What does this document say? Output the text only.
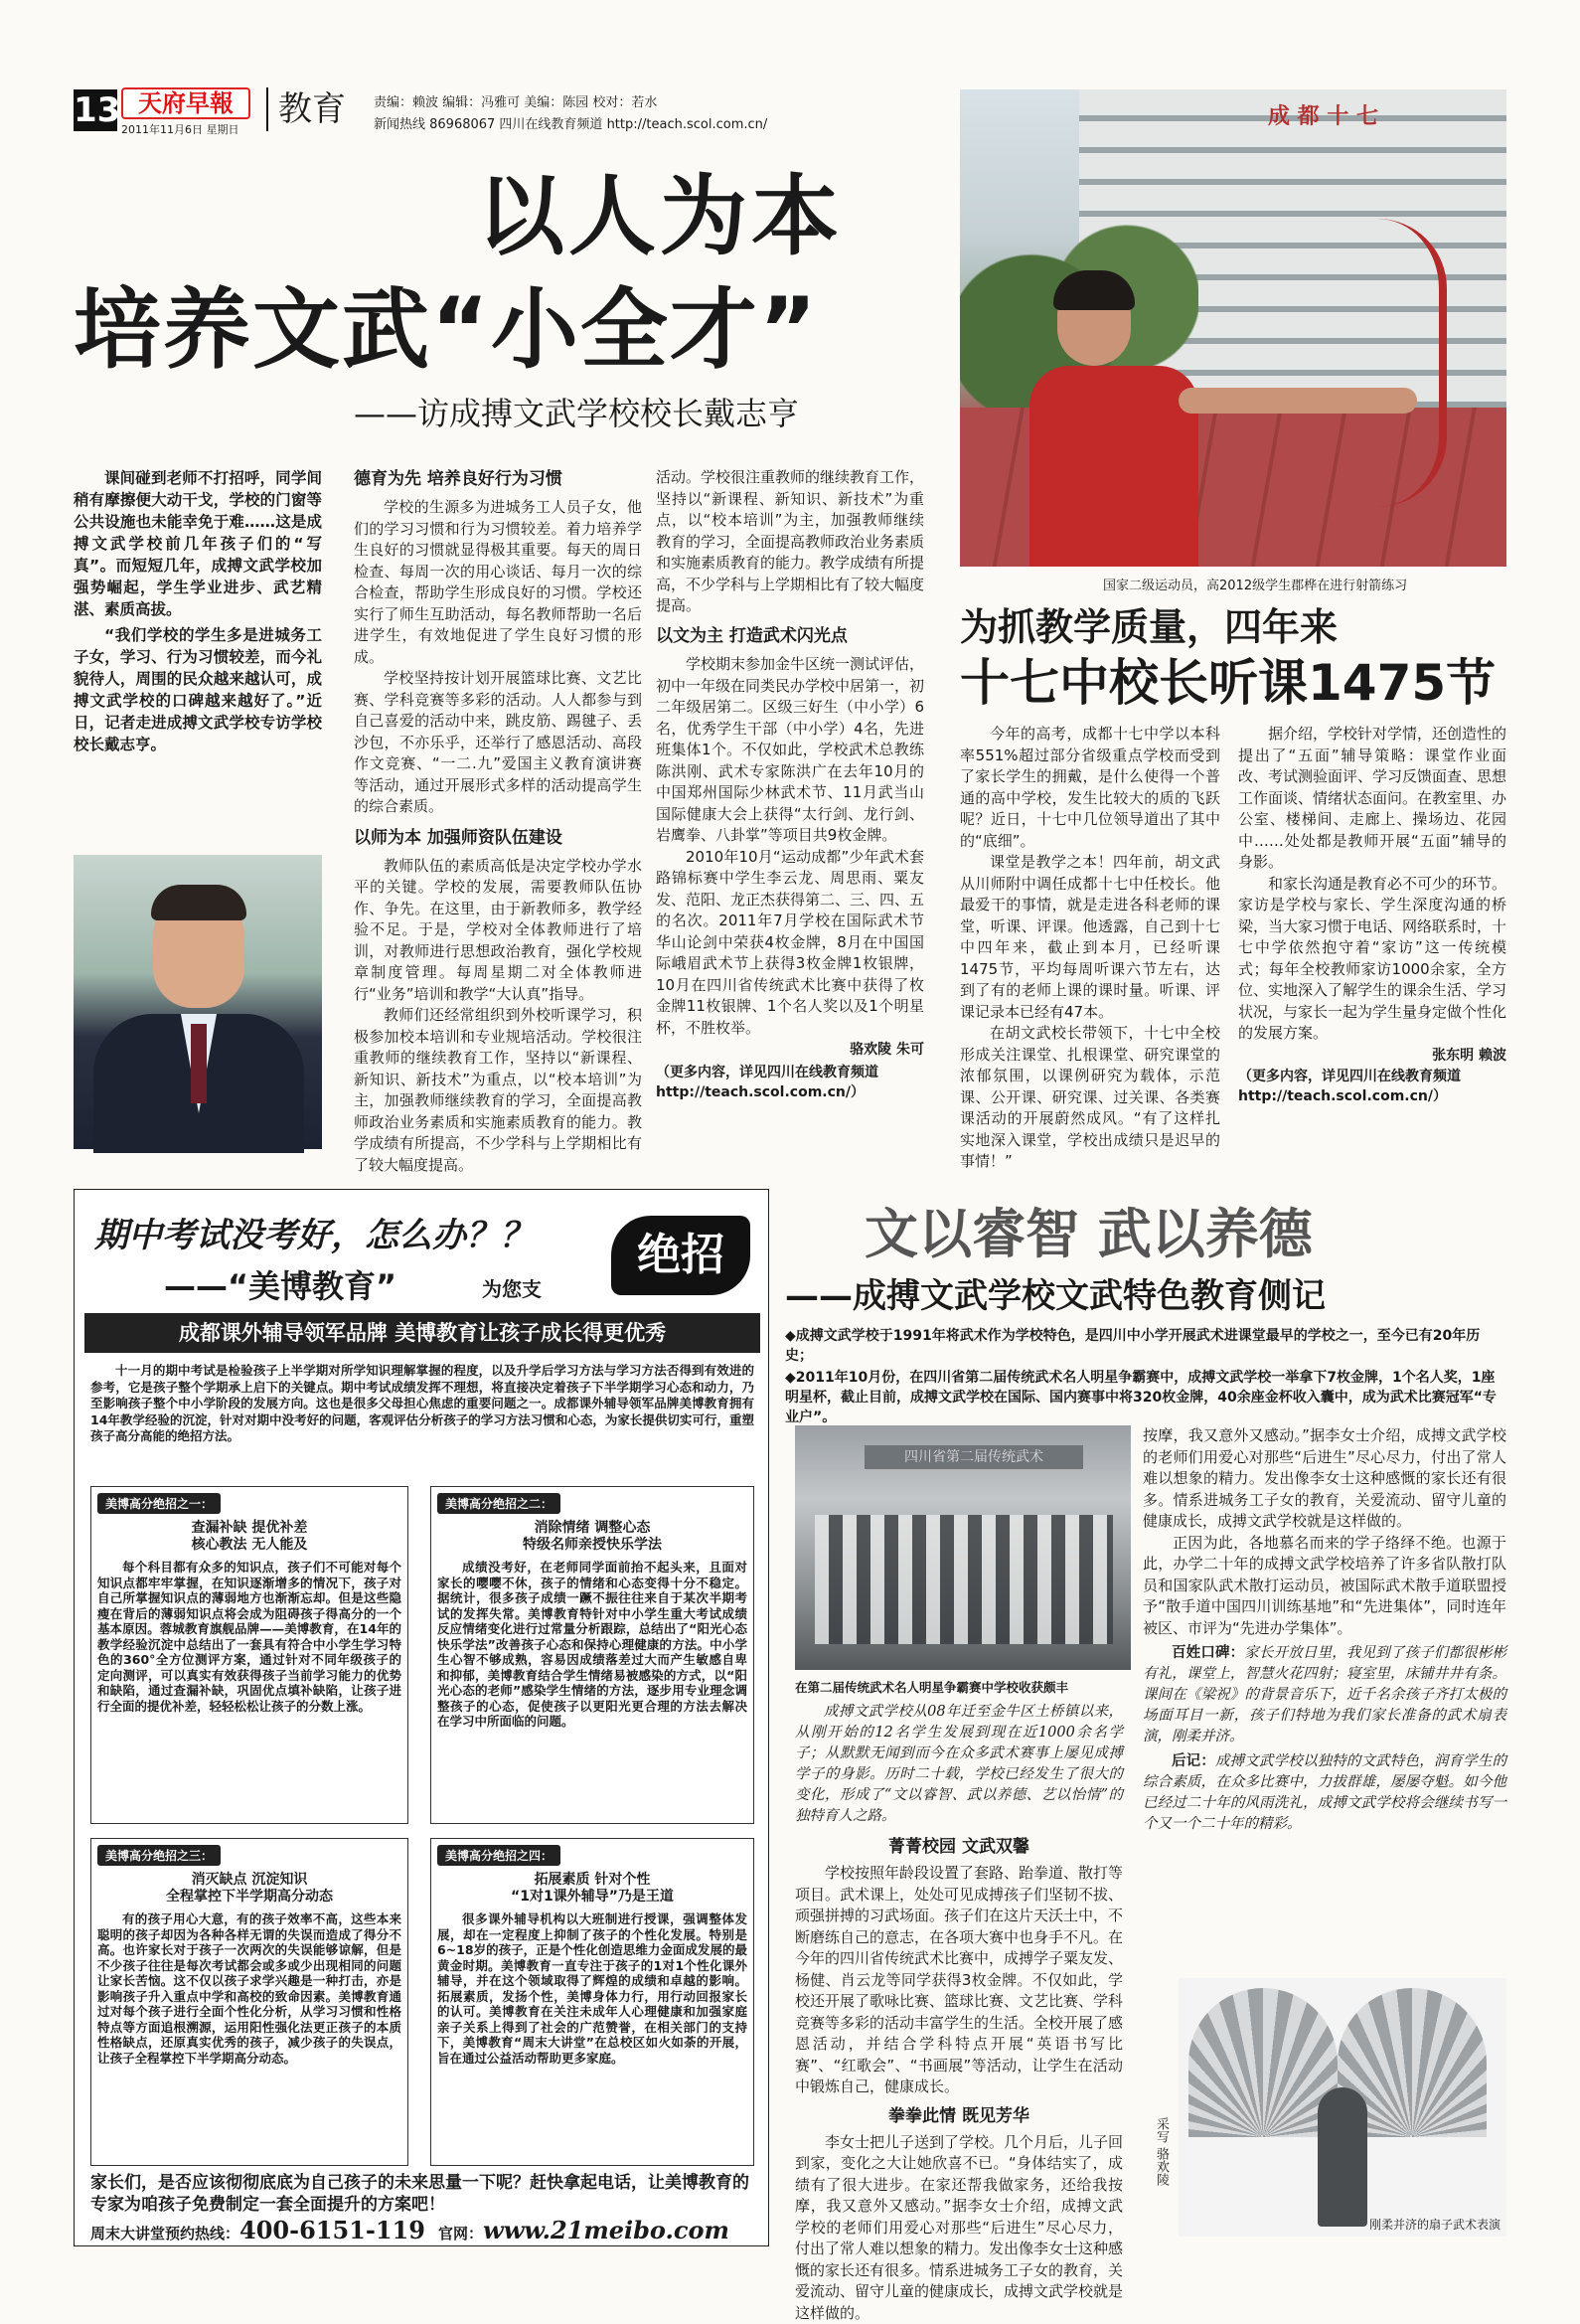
13 天府早報
2011年11月6日 星期日
教育 责编：赖波 编辑：冯雅可 美编：陈园 校对：若水
新闻热线 86968067 四川在线教育频道 http://teach.scol.com.cn/
以人为本
培养文武“小全才”
——访成搏文武学校校长戴志亨
课间碰到老师不打招呼，同学间稍有摩擦便大动干戈，学校的门窗等公共设施也未能幸免于难……这是成搏文武学校前几年孩子们的“写真”。而短短几年，成搏文武学校加强势崛起，学生学业进步、武艺精湛、素质高拔。
“我们学校的学生多是进城务工子女，学习、行为习惯较差，而今礼貌待人，周围的民众越来越认可，成搏文武学校的口碑越来越好了。”近日，记者走进成搏文武学校专访学校校长戴志亨。
德育为先 培养良好行为习惯
学校的生源多为进城务工人员子女，他们的学习习惯和行为习惯较差。着力培养学生良好的习惯就显得极其重要。每天的周日检查、每周一次的用心谈话、每月一次的综合检查，帮助学生形成良好的习惯。学校还实行了师生互助活动，每名教师帮助一名后进学生，有效地促进了学生良好习惯的形成。
学校坚持按计划开展篮球比赛、文艺比赛、学科竞赛等多彩的活动。人人都参与到自己喜爱的活动中来，跳皮筋、踢毽子、丢沙包，不亦乐乎，还举行了感恩活动、高段作文竞赛、“一二.九”爱国主义教育演讲赛等活动，通过开展形式多样的活动提高学生的综合素质。
以师为本 加强师资队伍建设
教师队伍的素质高低是决定学校办学水平的关键。学校的发展，需要教师队伍协作、争先。在这里，由于新教师多，教学经验不足。于是，学校对全体教师进行了培训，对教师进行思想政治教育，强化学校规章制度管理。每周星期二对全体教师进行“业务”培训和教学“大认真”指导。
教师们还经常组织到外校听课学习，积极参加校本培训和专业规培活动。学校很注重教师的继续教育工作，坚持以“新课程、新知识、新技术”为重点，以“校本培训”为主，加强教师继续教育的学习，全面提高教师政治业务素质和实施素质教育的能力。教学成绩有所提高，不少学科与上学期相比有了较大幅度提高。
活动。学校很注重教师的继续教育工作，坚持以“新课程、新知识、新技术”为重点，以“校本培训”为主，加强教师继续教育的学习，全面提高教师政治业务素质和实施素质教育的能力。教学成绩有所提高，不少学科与上学期相比有了较大幅度提高。
以文为主 打造武术闪光点
学校期末参加金牛区统一测试评估，初中一年级在同类民办学校中居第一，初二年级居第二。区级三好生（中小学）6名，优秀学生干部（中小学）4名，先进班集体1个。不仅如此，学校武术总教练陈洪刚、武术专家陈洪广在去年10月的中国郑州国际少林武术节、11月武当山国际健康大会上获得“太行剑、龙行剑、岩鹰拳、八卦掌”等项目共9枚金牌。
2010年10月“运动成都”少年武术套路锦标赛中学生李云龙、周思雨、粟友发、范阳、龙正杰获得第二、三、四、五的名次。2011年7月学校在国际武术节华山论剑中荣获4枚金牌，8月在中国国际峨眉武术节上获得3枚金牌1枚银牌，10月在四川省传统武术比赛中获得了枚金牌11枚银牌、1个名人奖以及1个明星杯，不胜枚举。
骆欢陵 朱可
（更多内容，详见四川在线教育频道 http://teach.scol.com.cn/）
成 都 十 七
国家二级运动员，高2012级学生郡桦在进行射箭练习
为抓教学质量，四年来
十七中校长听课1475节
今年的高考，成都十七中学以本科率551%超过部分省级重点学校而受到了家长学生的拥戴，是什么使得一个普通的高中学校，发生比较大的质的飞跃呢？近日，十七中几位领导道出了其中的“底细”。
课堂是教学之本！四年前，胡文武从川师附中调任成都十七中任校长。他最爱干的事情，就是走进各科老师的课堂，听课、评课。他透露，自己到十七中四年来，截止到本月，已经听课1475节，平均每周听课六节左右，达到了有的老师上课的课时量。听课、评课记录本已经有47本。
在胡文武校长带领下，十七中全校形成关注课堂、扎根课堂、研究课堂的浓郁氛围，以课例研究为载体，示范课、公开课、研究课、过关课、各类赛课活动的开展蔚然成风。“有了这样扎实地深入课堂，学校出成绩只是迟早的事情！”
据介绍，学校针对学情，还创造性的提出了“五面”辅导策略：课堂作业面改、考试测验面评、学习反馈面查、思想工作面谈、情绪状态面问。在教室里、办公室、楼梯间、走廊上、操场边、花园中……处处都是教师开展“五面”辅导的身影。
和家长沟通是教育必不可少的环节。家访是学校与家长、学生深度沟通的桥梁，当大家习惯于电话、网络联系时，十七中学依然抱守着“家访”这一传统模式；每年全校教师家访1000余家，全方位、实地深入了解学生的课余生活、学习状况，与家长一起为学生量身定做个性化的发展方案。
张东明 赖波
（更多内容，详见四川在线教育频道 http://teach.scol.com.cn/）
期中考试没考好，怎么办？？
——“美博教育”	为您支
绝招
成都课外辅导领军品牌 美博教育让孩子成长得更优秀
十一月的期中考试是检验孩子上半学期对所学知识理解掌握的程度，以及升学后学习方法与学习方法否得到有效进的参考，它是孩子整个学期承上启下的关键点。期中考试成绩发挥不理想，将直接决定着孩子下半学期学习心态和动力，乃至影响孩子整个中小学阶段的发展方向。这也是很多父母担心焦虑的重要问题之一。成都课外辅导领军品牌美博教育拥有14年教学经验的沉淀，针对对期中没考好的问题，客观评估分析孩子的学习方法习惯和心态，为家长提供切实可行，重塑孩子高分高能的绝招方法。
美博高分绝招之一：
查漏补缺 提优补差
核心教法 无人能及
每个科目都有众多的知识点，孩子们不可能对每个知识点都牢牢掌握，在知识逐渐增多的情况下，孩子对自己所掌握知识点的薄弱地方也渐渐忘却。但是这些隐瘦在背后的薄弱知识点将会成为阻碍孩子得高分的一个基本原因。蓉城教育旗舰品牌——美博教育，在14年的教学经验沉淀中总结出了一套具有符合中小学生学习特色的360°全方位测评方案，通过针对不同年级孩子的定向测评，可以真实有效获得孩子当前学习能力的优势和缺陷，通过查漏补缺，巩固优点填补缺陷，让孩子进行全面的提优补差，轻轻松松让孩子的分数上涨。
美博高分绝招之二：
消除情绪 调整心态
特级名师亲授快乐学法
成绩没考好，在老师同学面前抬不起头来，且面对家长的嘤嘤不休，孩子的情绪和心态变得十分不稳定。据统计，很多孩子成绩一蹶不振往往来自于某次半期考试的发挥失常。美博教育特针对中小学生重大考试成绩反应情绪变化进行过常量分析跟踪，总结出了“阳光心态快乐学法”改善孩子心态和保持心理健康的方法。中小学生心智不够成熟，容易因成绩落差过大而产生敏感自卑和抑郁，美博教育结合学生情绪易被感染的方式，以“阳光心态的老师”感染学生情绪的方法，逐步用专业理念调整孩子的心态，促使孩子以更阳光更合理的方法去解决在学习中所面临的问题。
美博高分绝招之三：
消灭缺点 沉淀知识
全程掌控下半学期高分动态
有的孩子用心大意，有的孩子效率不高，这些本来聪明的孩子却因为各种各样无谓的失误而造成了得分不高。也许家长对于孩子一次两次的失误能够谅解，但是不少孩子往往是每次考试都会或多或少出现相同的问题让家长苦恼。这不仅以孩子求学兴趣是一种打击，亦是影响孩子升入重点中学和高校的致命因素。美博教育通过对每个孩子进行全面个性化分析，从学习习惯和性格特点等方面追根溯源，运用阳性强化法更正孩子的本质性格缺点，还原真实优秀的孩子，减少孩子的失误点，让孩子全程掌控下半学期高分动态。
美博高分绝招之四：
拓展素质 针对个性
“1对1课外辅导”乃是王道
很多课外辅导机构以大班制进行授课，强调整体发展，却在一定程度上抑制了孩子的个性化发展。特别是6~18岁的孩子，正是个性化创造思维力金面成发展的最黄金时期。美博教育一直专注于孩子的1对1个性化课外辅导，并在这个领域取得了辉煌的成绩和卓越的影响。拓展素质，发扬个性，美博身体力行，用行动回报家长的认可。美博教育在关注未成年人心理健康和加强家庭亲子关系上得到了社会的广范赞誉，在相关部门的支持下，美博教育“周末大讲堂”在总校区如火如荼的开展，旨在通过公益活动帮助更多家庭。
家长们，是否应该彻彻底底为自己孩子的未来思量一下呢？赶快拿起电话，让美博教育的专家为咱孩子免费制定一套全面提升的方案吧！
周末大讲堂预约热线：400-6151-119 官网：www.21meibo.com
文以睿智 武以养德
——成搏文武学校文武特色教育侧记
◆成搏文武学校于1991年将武术作为学校特色，是四川中小学开展武术进课堂最早的学校之一，至今已有20年历史；
◆2011年10月份，在四川省第二届传统武术名人明星争霸赛中，成搏文武学校一举拿下7枚金牌，1个名人奖，1座明星杯，截止目前，成搏文武学校在国际、国内赛事中将320枚金牌，40余座金杯收入囊中，成为武术比赛冠军“专业户”。
四川省第二届传统武术
在第二届传统武术名人明星争霸赛中学校收获颇丰
成搏文武学校从08年迁至金牛区土桥镇以来，从刚开始的12名学生发展到现在近1000余名学子；从默默无闻到而今在众多武术赛事上屡见成搏学子的身影。历时二十载，学校已经发生了很大的变化，形成了“文以睿智、武以养德、艺以怡情”的独特育人之路。
菁菁校园 文武双馨
学校按照年龄段设置了套路、跆拳道、散打等项目。武术课上，处处可见成搏孩子们坚韧不拔、顽强拼搏的习武场面。孩子们在这片天沃土中，不断磨练自己的意志，在各项大赛中也身手不凡。在今年的四川省传统武术比赛中，成搏学子粟友发、杨健、肖云龙等同学获得3枚金牌。不仅如此，学校还开展了歌咏比赛、篮球比赛、文艺比赛、学科竞赛等多彩的活动丰富学生的生活。全校开展了感恩活动，并结合学科特点开展“英语书写比赛”、“红歌会”、“书画展”等活动，让学生在活动中锻炼自己，健康成长。
拳拳此情 既见芳华
李女士把儿子送到了学校。几个月后，儿子回到家，变化之大让她欣喜不已。“身体结实了，成绩有了很大进步。在家还帮我做家务，还给我按摩，我又意外又感动。”据李女士介绍，成搏文武学校的老师们用爱心对那些“后进生”尽心尽力，付出了常人难以想象的精力。发出像李女士这种感慨的家长还有很多。情系进城务工子女的教育，关爱流动、留守儿童的健康成长，成搏文武学校就是这样做的。
按摩，我又意外又感动。”据李女士介绍，成搏文武学校的老师们用爱心对那些“后进生”尽心尽力，付出了常人难以想象的精力。发出像李女士这种感慨的家长还有很多。情系进城务工子女的教育，关爱流动、留守儿童的健康成长，成搏文武学校就是这样做的。
正因为此，各地慕名而来的学子络绎不绝。也源于此，办学二十年的成搏文武学校培养了许多省队散打队员和国家队武术散打运动员，被国际武术散手道联盟授予“散手道中国四川训练基地”和“先进集体”，同时连年被区、市评为“先进办学集体”。
百姓口碑：家长开放日里，我见到了孩子们都很彬彬有礼，课堂上，智慧火花四射；寝室里，床铺井井有条。课间在《梁祝》的背景音乐下，近千名余孩子齐打太极的场面耳目一新，孩子们特地为我们家长准备的武术扇表演，刚柔并济。
后记：成搏文武学校以独特的文武特色，润育学生的综合素质，在众多比赛中，力拔群雄，屡屡夺魁。如今他已经过二十年的风雨洗礼，成搏文武学校将会继续书写一个又一个二十年的精彩。
采写 骆欢陵
刚柔并济的扇子武术表演
